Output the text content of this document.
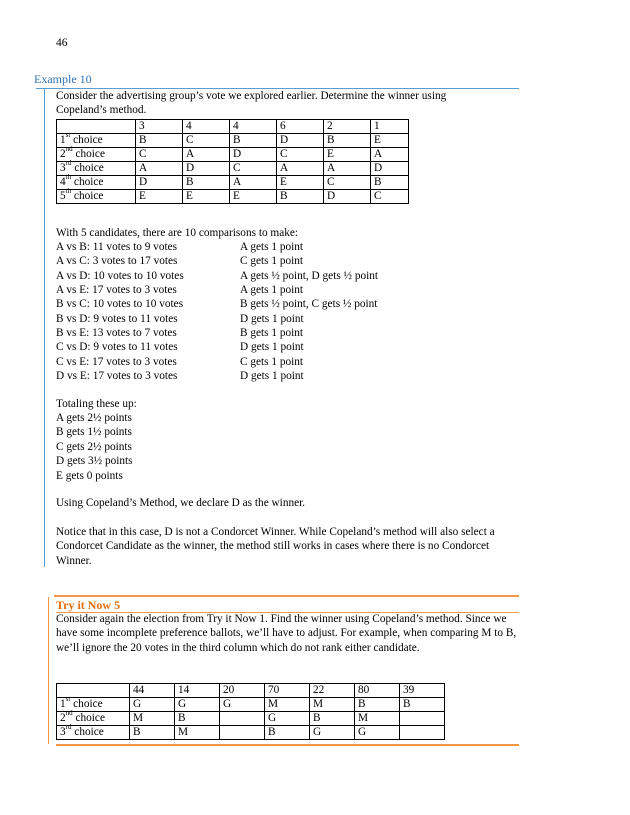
46
Example 10
Consider the advertising group’s vote we explored earlier. Determine the winner using Copeland’s method.
	3	4	4	6	2	1
1st choice	B	C	B	D	B	E
2nd choice	C	A	D	C	E	A
3rd choice	A	D	C	A	A	D
4th choice	D	B	A	E	C	B
5th choice	E	E	E	B	D	C
With 5 candidates, there are 10 comparisons to make:
A vs B: 11 votes to 9 votes	A gets 1 point
A vs C: 3 votes to 17 votes	C gets 1 point
A vs D: 10 votes to 10 votes	A gets ½ point, D gets ½ point
A vs E: 17 votes to 3 votes	A gets 1 point
B vs C: 10 votes to 10 votes	B gets ½ point, C gets ½ point
B vs D: 9 votes to 11 votes	D gets 1 point
B vs E: 13 votes to 7 votes	B gets 1 point
C vs D: 9 votes to 11 votes	D gets 1 point
C vs E: 17 votes to 3 votes	C gets 1 point
D vs E: 17 votes to 3 votes	D gets 1 point
Totaling these up:
A gets 2½ points
B gets 1½ points
C gets 2½ points
D gets 3½ points
E gets 0 points
Using Copeland’s Method, we declare D as the winner.
Notice that in this case, D is not a Condorcet Winner. While Copeland’s method will also select a Condorcet Candidate as the winner, the method still works in cases where there is no Condorcet Winner.
Try it Now 5
Consider again the election from Try it Now 1. Find the winner using Copeland’s method. Since we have some incomplete preference ballots, we’ll have to adjust. For example, when comparing M to B, we’ll ignore the 20 votes in the third column which do not rank either candidate.
	44	14	20	70	22	80	39
1st choice	G	G	G	M	M	B	B
2nd choice	M	B		G	B	M	
3rd choice	B	M		B	G	G	
